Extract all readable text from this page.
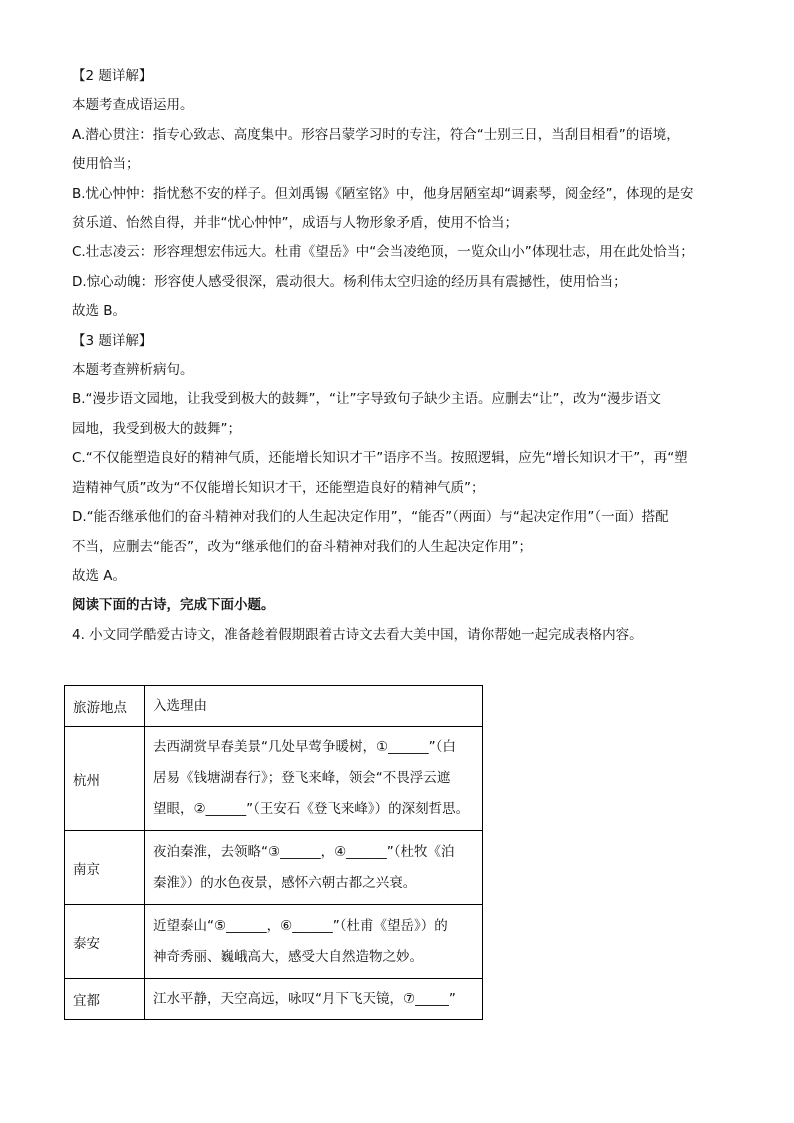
【2 题详解】
本题考查成语运用。
A.潜心贯注：指专心致志、高度集中。形容吕蒙学习时的专注，符合“士别三日，当刮目相看”的语境，
使用恰当；
B.忧心忡忡：指忧愁不安的样子。但刘禹锡《陋室铭》中，他身居陋室却“调素琴，阅金经”，体现的是安
贫乐道、怡然自得，并非“忧心忡忡”，成语与人物形象矛盾，使用不恰当；
C.壮志凌云：形容理想宏伟远大。杜甫《望岳》中“会当凌绝顶，一览众山小”体现壮志，用在此处恰当；
D.惊心动魄：形容使人感受很深，震动很大。杨利伟太空归途的经历具有震撼性，使用恰当；
故选 B。
【3 题详解】
本题考查辨析病句。
B.“漫步语文园地，让我受到极大的鼓舞”，“让”字导致句子缺少主语。应删去“让”，改为“漫步语文
园地，我受到极大的鼓舞”；
C.“不仅能塑造良好的精神气质，还能增长知识才干”语序不当。按照逻辑，应先“增长知识才干”，再“塑
造精神气质”改为“不仅能增长知识才干，还能塑造良好的精神气质”；
D.“能否继承他们的奋斗精神对我们的人生起决定作用”，“能否”（两面）与“起决定作用”（一面）搭配
不当，应删去“能否”，改为“继承他们的奋斗精神对我们的人生起决定作用”；
故选 A。
阅读下面的古诗，完成下面小题。
4. 小文同学酷爱古诗文，准备趁着假期跟着古诗文去看大美中国，请你帮她一起完成表格内容。
旅游地点	入选理由
杭州	去西湖赏早春美景“几处早莺争暖树，①______”（白
居易《钱塘湖春行》；登飞来峰，领会“不畏浮云遮
望眼，②______”（王安石《登飞来峰》）的深刻哲思。
南京	夜泊秦淮，去领略“③______，④______”（杜牧《泊
秦淮》）的水色夜景，感怀六朝古都之兴衰。
泰安	近望泰山“⑤______，⑥______”（杜甫《望岳》）的
神奇秀丽、巍峨高大，感受大自然造物之妙。
宜都	江水平静，天空高远，咏叹“月下飞天镜，⑦_____”
